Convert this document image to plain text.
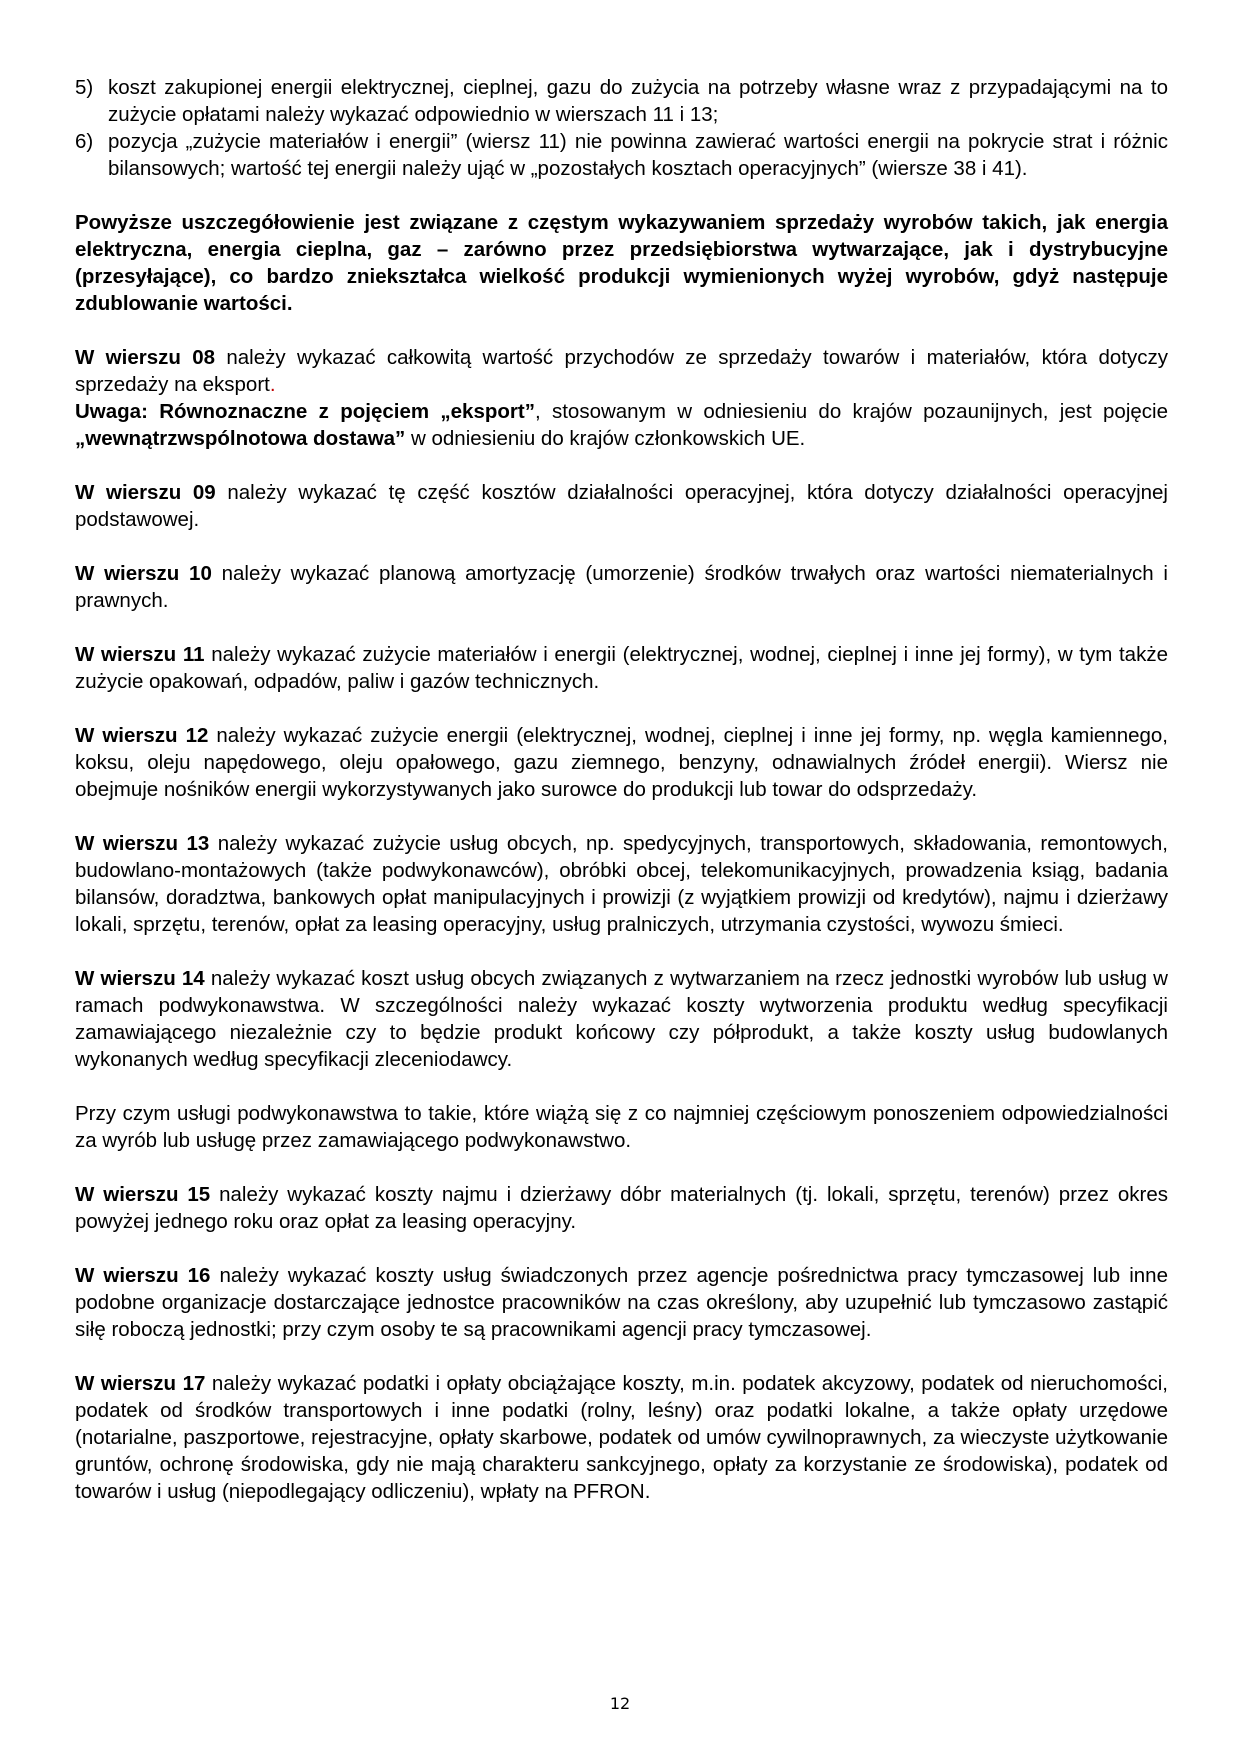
5) koszt zakupionej energii elektrycznej, cieplnej, gazu do zużycia na potrzeby własne wraz z przypadającymi na to zużycie opłatami należy wykazać odpowiednio w wierszach 11 i 13;
6) pozycja „zużycie materiałów i energii” (wiersz 11) nie powinna zawierać wartości energii na pokrycie strat i różnic bilansowych; wartość tej energii należy ująć w „pozostałych kosztach operacyjnych” (wiersze 38 i 41).

Powyższe uszczegółowienie jest związane z częstym wykazywaniem sprzedaży wyrobów takich, jak energia elektryczna, energia cieplna, gaz – zarówno przez przedsiębiorstwa wytwarzające, jak i dystrybucyjne (przesyłające), co bardzo zniekształca wielkość produkcji wymienionych wyżej wyrobów, gdyż następuje zdublowanie wartości.

W wierszu 08 należy wykazać całkowitą wartość przychodów ze sprzedaży towarów i materiałów, która dotyczy sprzedaży na eksport.

Uwaga: Równoznaczne z pojęciem „eksport”, stosowanym w odniesieniu do krajów pozaunijnych, jest pojęcie „wewnątrzwspólnotowa dostawa” w odniesieniu do krajów członkowskich UE.

W wierszu 09 należy wykazać tę część kosztów działalności operacyjnej, która dotyczy działalności operacyjnej podstawowej.

W wierszu 10 należy wykazać planową amortyzację (umorzenie) środków trwałych oraz wartości niematerialnych i prawnych.

W wierszu 11 należy wykazać zużycie materiałów i energii (elektrycznej, wodnej, cieplnej i inne jej formy), w tym także zużycie opakowań, odpadów, paliw i gazów technicznych.

W wierszu 12 należy wykazać zużycie energii (elektrycznej, wodnej, cieplnej i inne jej formy, np. węgla kamiennego, koksu, oleju napędowego, oleju opałowego, gazu ziemnego, benzyny, odnawialnych źródeł energii). Wiersz nie obejmuje nośników energii wykorzystywanych jako surowce do produkcji lub towar do odsprzedaży.

W wierszu 13 należy wykazać zużycie usług obcych, np. spedycyjnych, transportowych, składowania, remontowych, budowlano-montażowych (także podwykonawców), obróbki obcej, telekomunikacyjnych, prowadzenia ksiąg, badania bilansów, doradztwa, bankowych opłat manipulacyjnych i prowizji (z wyjątkiem prowizji od kredytów), najmu i dzierżawy lokali, sprzętu, terenów, opłat za leasing operacyjny, usług pralniczych, utrzymania czystości, wywozu śmieci.

W wierszu 14 należy wykazać koszt usług obcych związanych z wytwarzaniem na rzecz jednostki wyrobów lub usług w ramach podwykonawstwa. W szczególności należy wykazać koszty wytworzenia produktu według specyfikacji zamawiającego niezależnie czy to będzie produkt końcowy czy półprodukt, a także koszty usług budowlanych wykonanych według specyfikacji zleceniodawcy.

Przy czym usługi podwykonawstwa to takie, które wiążą się z co najmniej częściowym ponoszeniem odpowiedzialności za wyrób lub usługę przez zamawiającego podwykonawstwo.

W wierszu 15 należy wykazać koszty najmu i dzierżawy dóbr materialnych (tj. lokali, sprzętu, terenów) przez okres powyżej jednego roku oraz opłat za leasing operacyjny.

W wierszu 16 należy wykazać koszty usług świadczonych przez agencje pośrednictwa pracy tymczasowej lub inne podobne organizacje dostarczające jednostce pracowników na czas określony, aby uzupełnić lub tymczasowo zastąpić siłę roboczą jednostki; przy czym osoby te są pracownikami agencji pracy tymczasowej.

W wierszu 17 należy wykazać podatki i opłaty obciążające koszty, m.in. podatek akcyzowy, podatek od nieruchomości, podatek od środków transportowych i inne podatki (rolny, leśny) oraz podatki lokalne, a także opłaty urzędowe (notarialne, paszportowe, rejestracyjne, opłaty skarbowe, podatek od umów cywilnoprawnych, za wieczyste użytkowanie gruntów, ochronę środowiska, gdy nie mają charakteru sankcyjnego, opłaty za korzystanie ze środowiska), podatek od towarów i usług (niepodlegający odliczeniu), wpłaty na PFRON.

12
